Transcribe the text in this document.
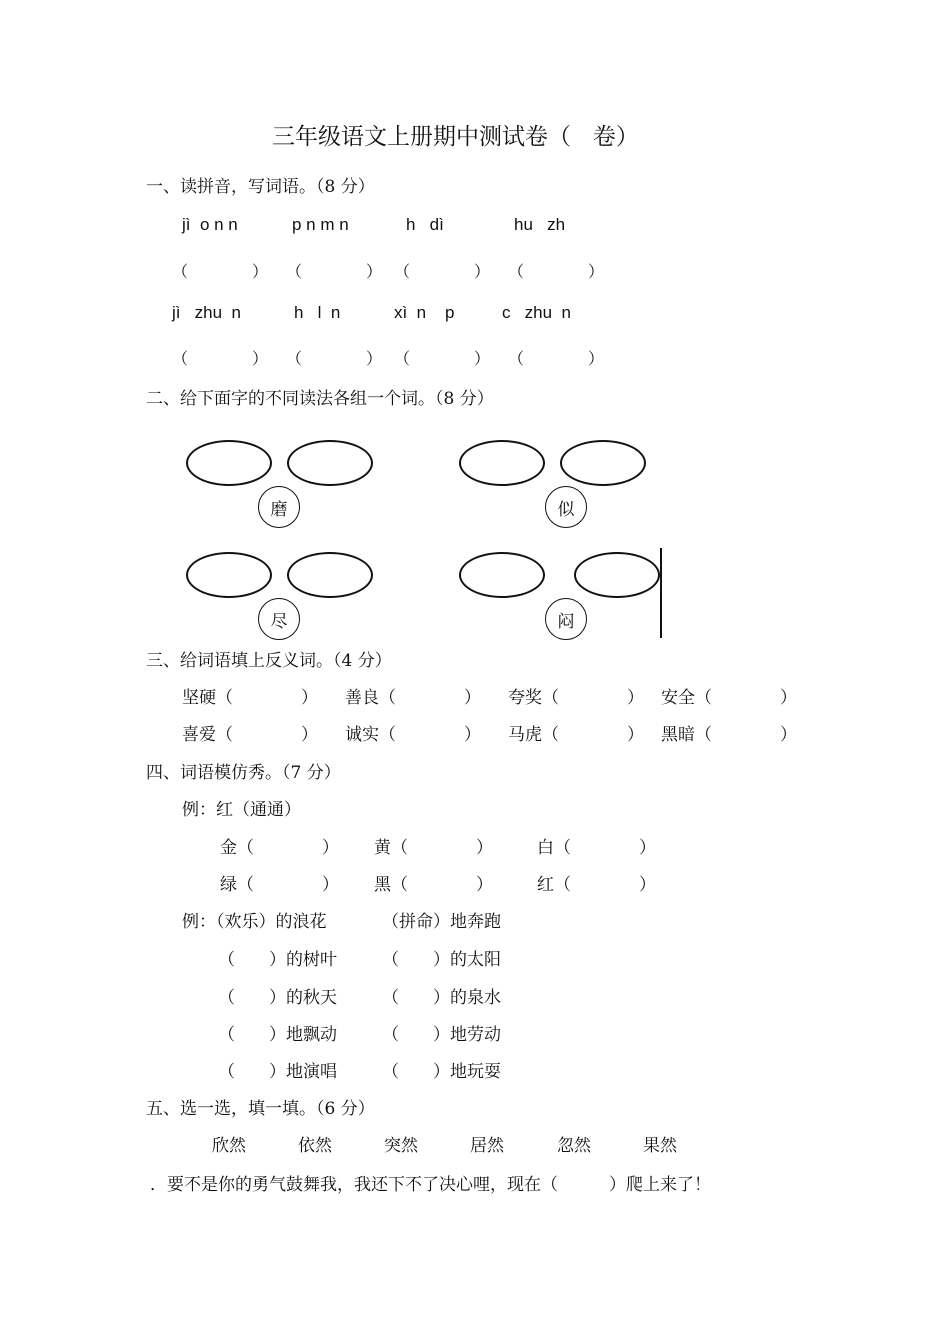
三年级语文上册期中测试卷（   卷）
一、读拼音，写词语。（8 分）
jì  o n n	p n m n	h   dì	hu   zh
（　　　　） （　　　　） （　　　　） （　　　　）
jì   zhu  n	h   l  n	xì  n    p	c   zhu  n
（　　　　） （　　　　） （　　　　） （　　　　）
二、给下面字的不同读法各组一个词。（8 分）
磨	似
尽	闷
三、给词语填上反义词。（4 分）
坚硬（　　　　） 善良（　　　　） 夸奖（　　　　） 安全（　　　　）
喜爱（　　　　） 诚实（　　　　） 马虎（　　　　） 黑暗（　　　　）
四、词语模仿秀。（7 分）
例：红（通通）
金（　　　　） 黄（　　　　）	白（　　　　）
绿（　　　　） 黑（　　　　）	红（　　　　）
例：（欢乐）的浪花	（拼命）地奔跑
（　　）的树叶	（　　）的太阳
（　　）的秋天	（　　）的泉水
（　　）地飘动	（　　）地劳动
（　　）地演唱	（　　）地玩耍
五、选一选，填一填。（6 分）
欣然	依然	突然	居然	忽然	果然
．要不是你的勇气鼓舞我，我还下不了决心哩，现在（　　　）爬上来了！
